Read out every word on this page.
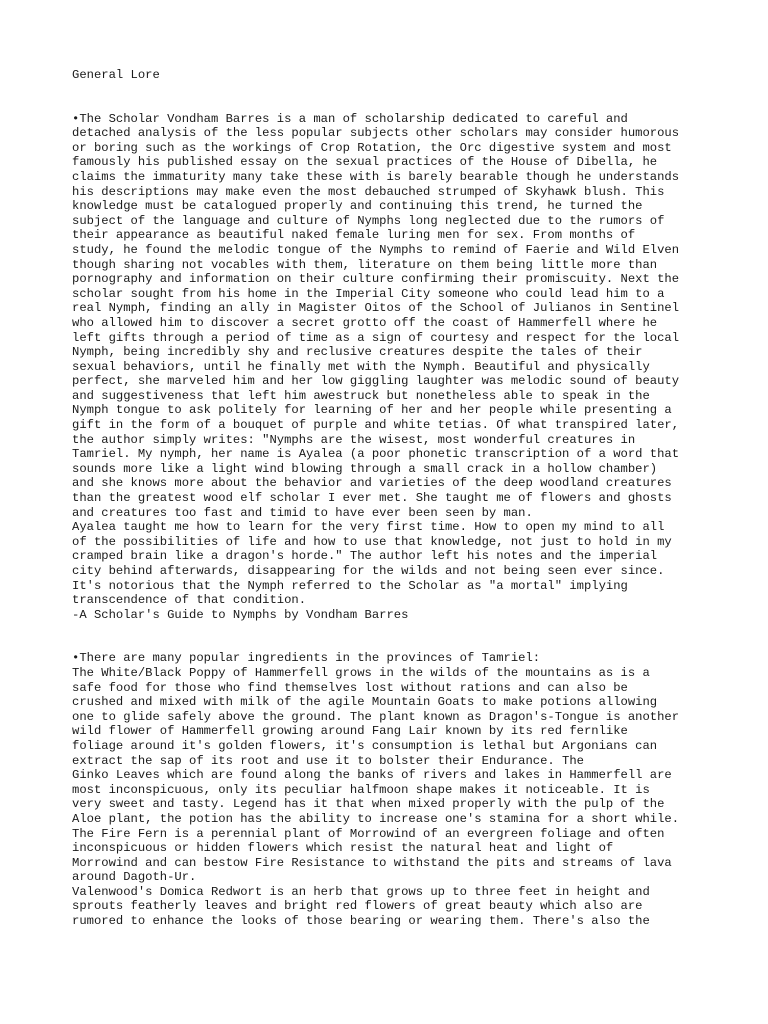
General Lore
•The Scholar Vondham Barres is a man of scholarship dedicated to careful and
detached analysis of the less popular subjects other scholars may consider humorous
or boring such as the workings of Crop Rotation, the Orc digestive system and most
famously his published essay on the sexual practices of the House of Dibella, he
claims the immaturity many take these with is barely bearable though he understands
his descriptions may make even the most debauched strumped of Skyhawk blush. This
knowledge must be catalogued properly and continuing this trend, he turned the
subject of the language and culture of Nymphs long neglected due to the rumors of
their appearance as beautiful naked female luring men for sex. From months of
study, he found the melodic tongue of the Nymphs to remind of Faerie and Wild Elven
though sharing not vocables with them, literature on them being little more than
pornography and information on their culture confirming their promiscuity. Next the
scholar sought from his home in the Imperial City someone who could lead him to a
real Nymph, finding an ally in Magister Oitos of the School of Julianos in Sentinel
who allowed him to discover a secret grotto off the coast of Hammerfell where he
left gifts through a period of time as a sign of courtesy and respect for the local
Nymph, being incredibly shy and reclusive creatures despite the tales of their
sexual behaviors, until he finally met with the Nymph. Beautiful and physically
perfect, she marveled him and her low giggling laughter was melodic sound of beauty
and suggestiveness that left him awestruck but nonetheless able to speak in the
Nymph tongue to ask politely for learning of her and her people while presenting a
gift in the form of a bouquet of purple and white tetias. Of what transpired later,
the author simply writes: "Nymphs are the wisest, most wonderful creatures in
Tamriel. My nymph, her name is Ayalea (a poor phonetic transcription of a word that
sounds more like a light wind blowing through a small crack in a hollow chamber)
and she knows more about the behavior and varieties of the deep woodland creatures
than the greatest wood elf scholar I ever met. She taught me of flowers and ghosts
and creatures too fast and timid to have ever been seen by man.
Ayalea taught me how to learn for the very first time. How to open my mind to all
of the possibilities of life and how to use that knowledge, not just to hold in my
cramped brain like a dragon's horde." The author left his notes and the imperial
city behind afterwards, disappearing for the wilds and not being seen ever since.
It's notorious that the Nymph referred to the Scholar as "a mortal" implying
transcendence of that condition.
-A Scholar's Guide to Nymphs by Vondham Barres
•There are many popular ingredients in the provinces of Tamriel:
The White/Black Poppy of Hammerfell grows in the wilds of the mountains as is a
safe food for those who find themselves lost without rations and can also be
crushed and mixed with milk of the agile Mountain Goats to make potions allowing
one to glide safely above the ground. The plant known as Dragon's-Tongue is another
wild flower of Hammerfell growing around Fang Lair known by its red fernlike
foliage around it's golden flowers, it's consumption is lethal but Argonians can
extract the sap of its root and use it to bolster their Endurance. The
Ginko Leaves which are found along the banks of rivers and lakes in Hammerfell are
most inconspicuous, only its peculiar halfmoon shape makes it noticeable. It is
very sweet and tasty. Legend has it that when mixed properly with the pulp of the
Aloe plant, the potion has the ability to increase one's stamina for a short while.
The Fire Fern is a perennial plant of Morrowind of an evergreen foliage and often
inconspicuous or hidden flowers which resist the natural heat and light of
Morrowind and can bestow Fire Resistance to withstand the pits and streams of lava
around Dagoth-Ur.
Valenwood's Domica Redwort is an herb that grows up to three feet in height and
sprouts featherly leaves and bright red flowers of great beauty which also are
rumored to enhance the looks of those bearing or wearing them. There's also the
